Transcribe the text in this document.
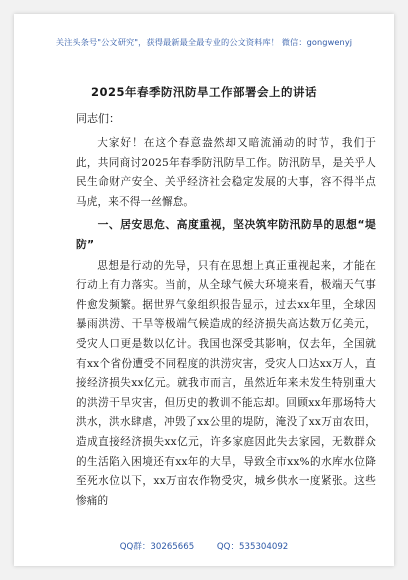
关注头条号"公文研究"，获得最新最全最专业的公文资料库！ 微信：gongwenyj
2025年春季防汛防旱工作部署会上的讲话
同志们：

大家好！在这个春意盎然却又暗流涌动的时节，我们于此，共同商讨2025年春季防汛防旱工作。防汛防旱，是关乎人民生命财产安全、关乎经济社会稳定发展的大事，容不得半点马虎，来不得一丝懈怠。

一、居安思危、高度重视，坚决筑牢防汛防旱的思想“堤防”

思想是行动的先导，只有在思想上真正重视起来，才能在行动上有力落实。当前，从全球气候大环境来看，极端天气事件愈发频繁。据世界气象组织报告显示，过去xx年里，全球因暴雨洪涝、干旱等极端气候造成的经济损失高达数万亿美元，受灾人口更是数以亿计。我国也深受其影响，仅去年，全国就有xx个省份遭受不同程度的洪涝灾害，受灾人口达xx万人，直接经济损失xx亿元。就我市而言，虽然近年来未发生特别重大的洪涝干旱灾害，但历史的教训不能忘却。回顾xx年那场特大洪水，洪水肆虐，冲毁了xx公里的堤防，淹没了xx万亩农田，造成直接经济损失xx亿元，许多家庭因此失去家园，无数群众的生活陷入困境还有xx年的大旱，导致全市xx%的水库水位降至死水位以下，xx万亩农作物受灾，城乡供水一度紧张。这些惨痛的

QQ群：30265665	QQ：535304092
